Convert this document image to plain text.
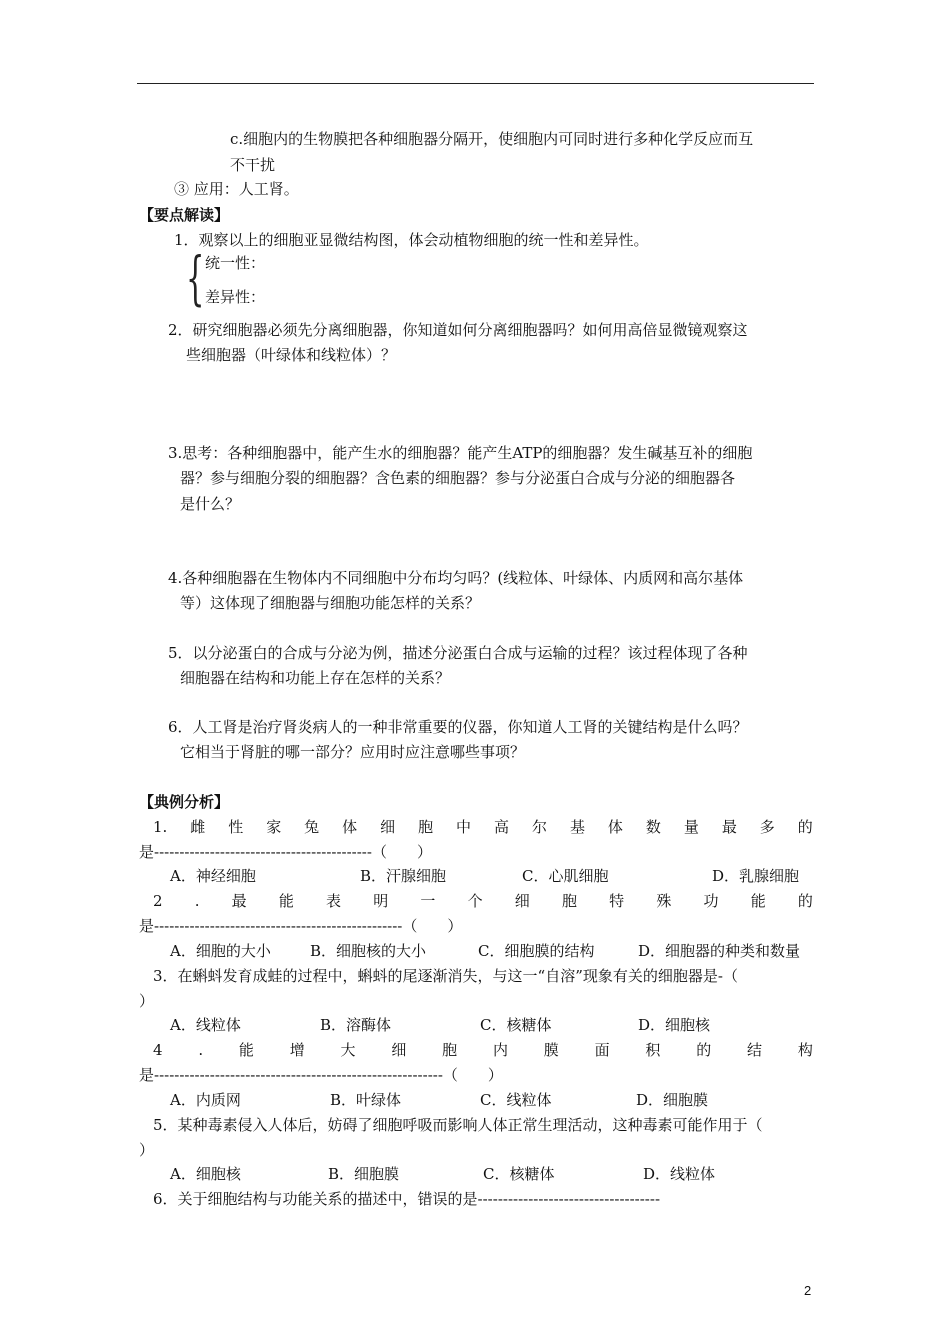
c.细胞内的生物膜把各种细胞器分隔开，使细胞内可同时进行多种化学反应而互
不干扰
③ 应用：人工肾。
【要点解读】
1．观察以上的细胞亚显微结构图，体会动植物细胞的统一性和差异性。
{ 统一性：
差异性：
2．研究细胞器必须先分离细胞器，你知道如何分离细胞器吗？如何用高倍显微镜观察这
些细胞器（叶绿体和线粒体）？
3.思考：各种细胞器中，能产生水的细胞器？能产生ATP的细胞器？发生碱基互补的细胞
器？参与细胞分裂的细胞器？含色素的细胞器？参与分泌蛋白合成与分泌的细胞器各
是什么？
4.各种细胞器在生物体内不同细胞中分布均匀吗？(线粒体、叶绿体、内质网和高尔基体
等）这体现了细胞器与细胞功能怎样的关系？
5．以分泌蛋白的合成与分泌为例，描述分泌蛋白合成与运输的过程？该过程体现了各种
细胞器在结构和功能上存在怎样的关系？
6．人工肾是治疗肾炎病人的一种非常重要的仪器，你知道人工肾的关键结构是什么吗？
它相当于肾脏的哪一部分？应用时应注意哪些事项？
【典例分析】
1. 雌 性 家 兔 体 细 胞 中 高 尔 基 体 数 量 最 多 的
是-------------------------------------------（　　）
A．神经细胞	B．汗腺细胞	C．心肌细胞	D．乳腺细胞
2 . 最 能 表 明 一 个 细 胞 特 殊 功 能 的
是-------------------------------------------------（　　）
A．细胞的大小	B．细胞核的大小	C．细胞膜的结构	D．细胞器的种类和数量
3．在蝌蚪发育成蛙的过程中，蝌蚪的尾逐渐消失，与这一“自溶”现象有关的细胞器是-（
）
A．线粒体	B．溶酶体	C．核糖体	D．细胞核
4 . 能 增 大 细 胞 内 膜 面 积 的 结 构
是---------------------------------------------------------（　　）
A．内质网	B．叶绿体	C．线粒体	D．细胞膜
5．某种毒素侵入人体后，妨碍了细胞呼吸而影响人体正常生理活动，这种毒素可能作用于（
）
A．细胞核	B．细胞膜	C．核糖体	D．线粒体
6．关于细胞结构与功能关系的描述中，错误的是------------------------------------
2
